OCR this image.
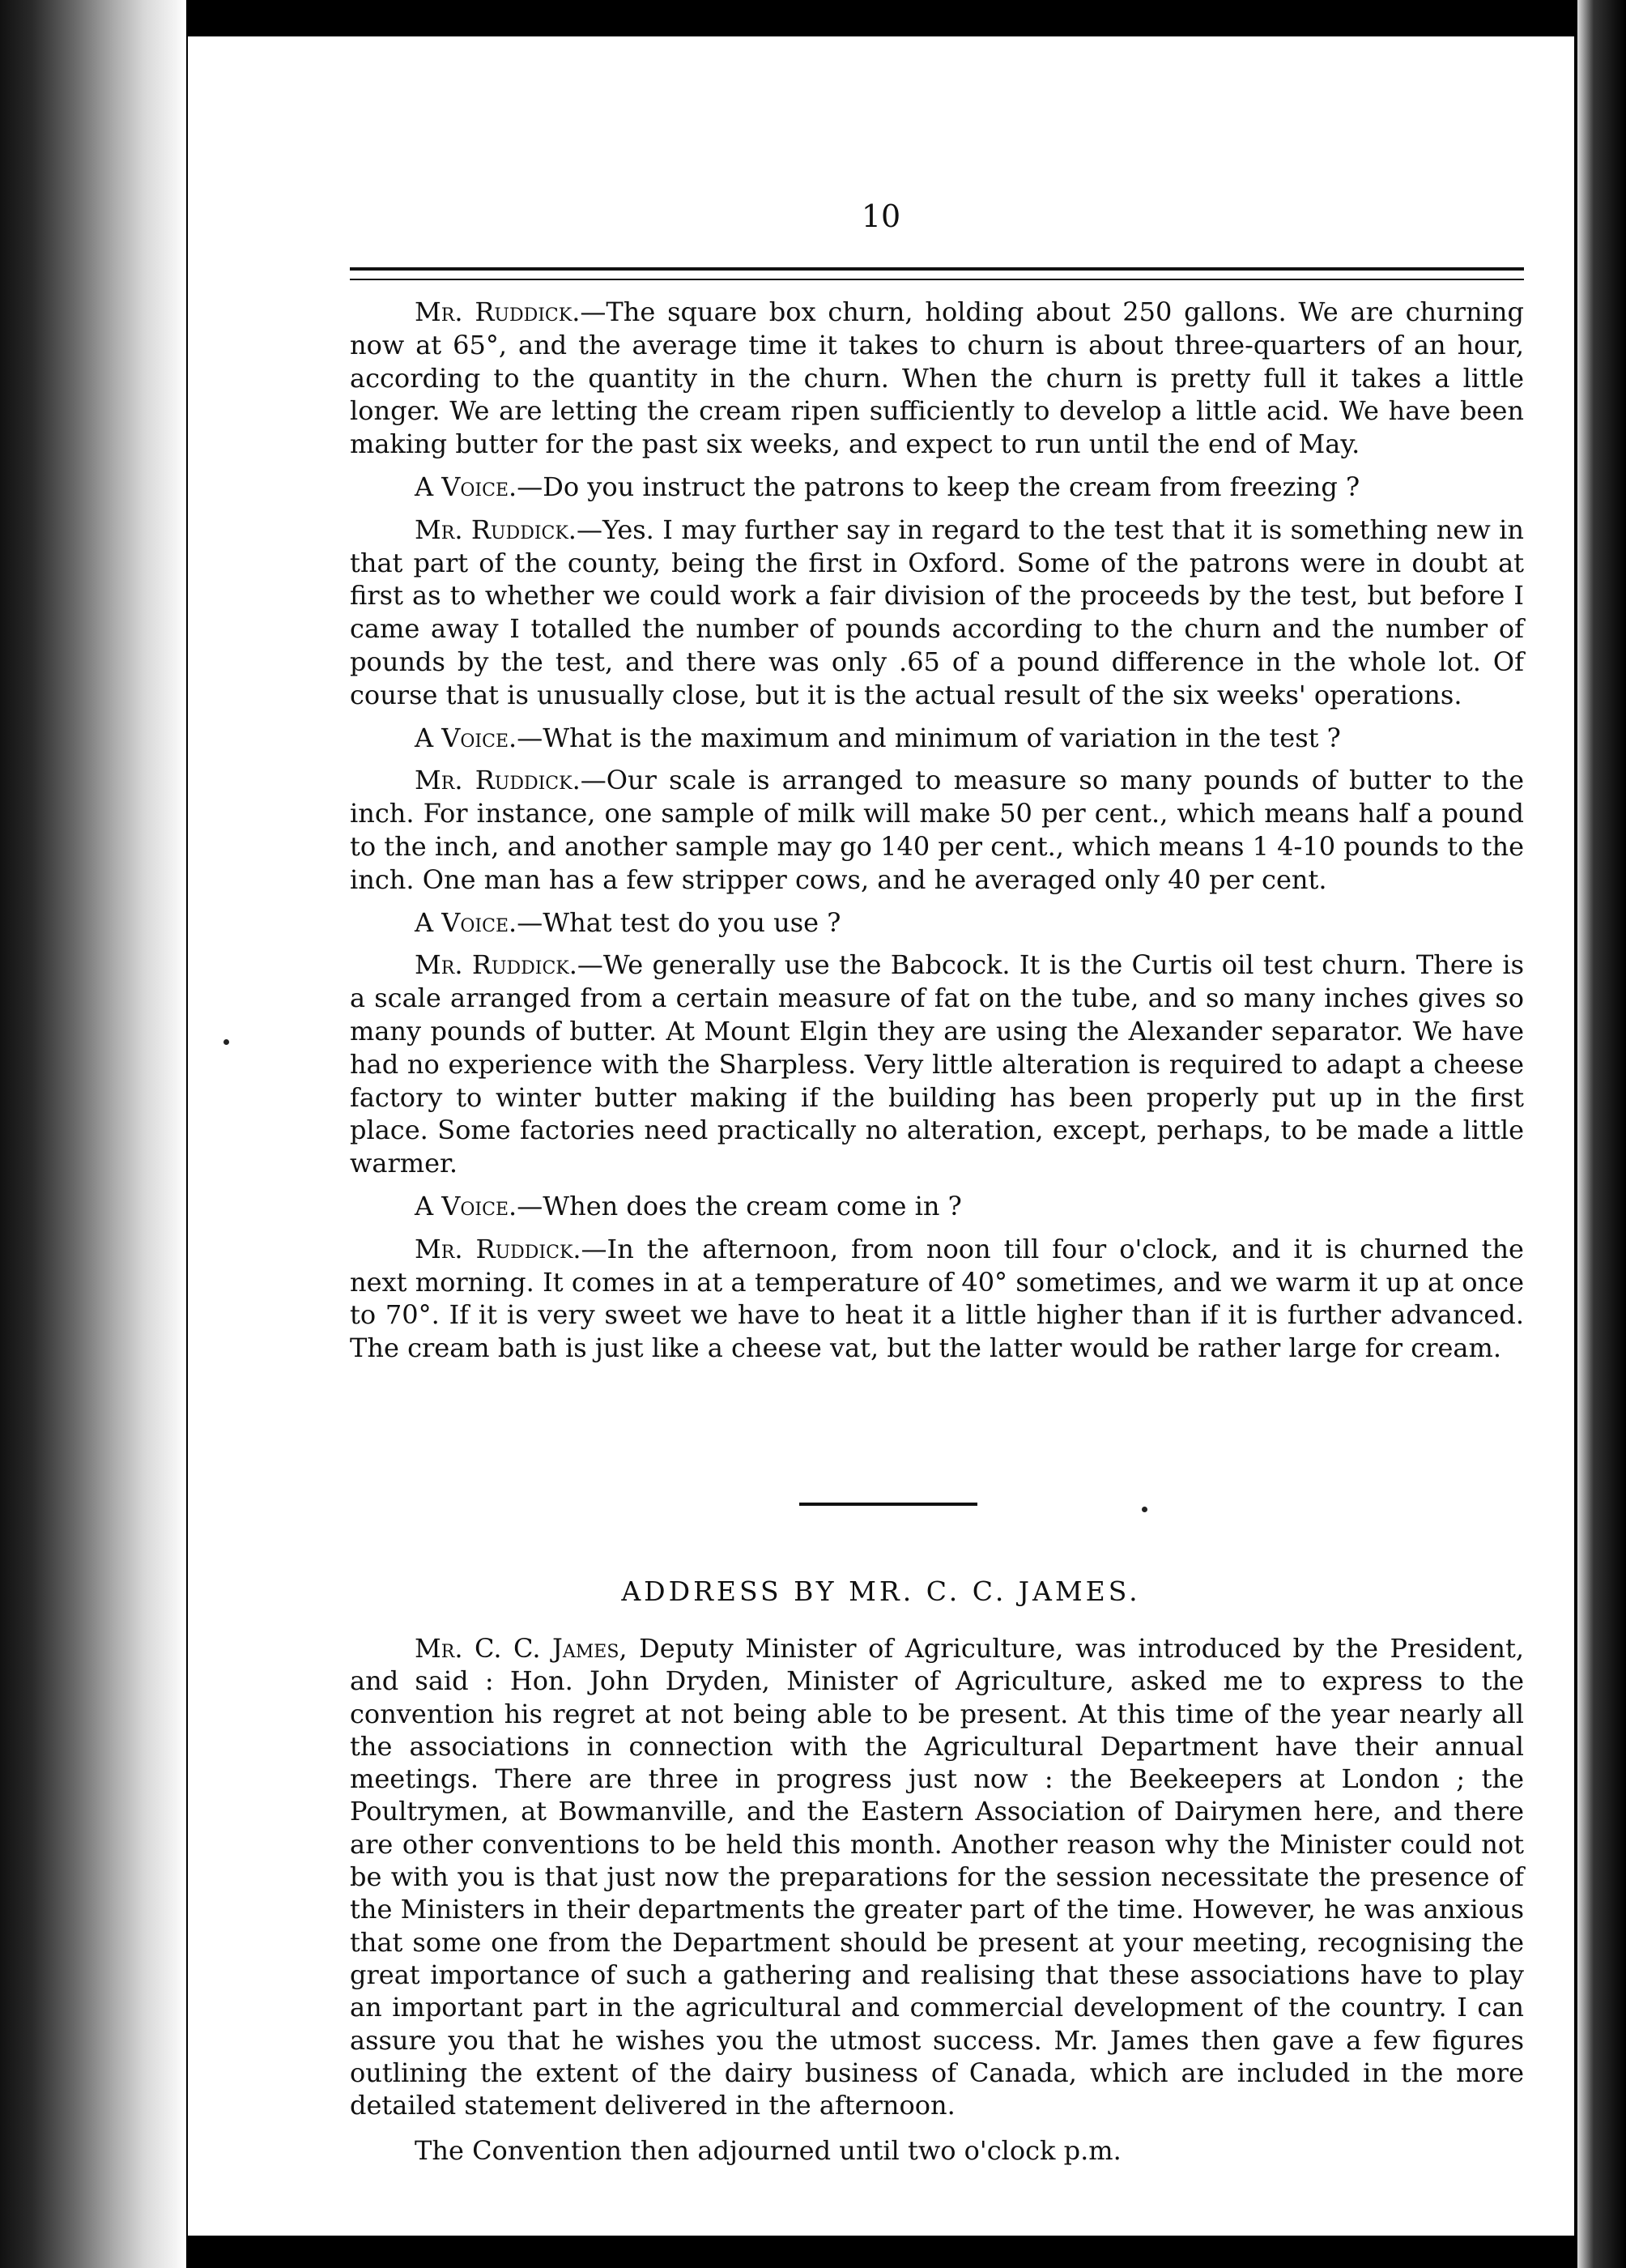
10

Mr. Ruddick.—The square box churn, holding about 250 gallons. We are churning now at 65°, and the average time it takes to churn is about three-quarters of an hour, according to the quantity in the churn. When the churn is pretty full it takes a little longer. We are letting the cream ripen sufficiently to develop a little acid. We have been making butter for the past six weeks, and expect to run until the end of May.

A Voice.—Do you instruct the patrons to keep the cream from freezing ?

Mr. Ruddick.—Yes. I may further say in regard to the test that it is something new in that part of the county, being the first in Oxford. Some of the patrons were in doubt at first as to whether we could work a fair division of the proceeds by the test, but before I came away I totalled the number of pounds according to the churn and the number of pounds by the test, and there was only .65 of a pound difference in the whole lot. Of course that is unusually close, but it is the actual result of the six weeks' operations.

A Voice.—What is the maximum and minimum of variation in the test ?

Mr. Ruddick.—Our scale is arranged to measure so many pounds of butter to the inch. For instance, one sample of milk will make 50 per cent., which means half a pound to the inch, and another sample may go 140 per cent., which means 1 4-10 pounds to the inch. One man has a few stripper cows, and he averaged only 40 per cent.

A Voice.—What test do you use ?

Mr. Ruddick.—We generally use the Babcock. It is the Curtis oil test churn. There is a scale arranged from a certain measure of fat on the tube, and so many inches gives so many pounds of butter. At Mount Elgin they are using the Alexander separator. We have had no experience with the Sharpless. Very little alteration is required to adapt a cheese factory to winter butter making if the building has been properly put up in the first place. Some factories need practically no alteration, except, perhaps, to be made a little warmer.

A Voice.—When does the cream come in ?

Mr. Ruddick.—In the afternoon, from noon till four o'clock, and it is churned the next morning. It comes in at a temperature of 40° sometimes, and we warm it up at once to 70°. If it is very sweet we have to heat it a little higher than if it is further advanced. The cream bath is just like a cheese vat, but the latter would be rather large for cream.

ADDRESS BY MR. C. C. JAMES.

Mr. C. C. James, Deputy Minister of Agriculture, was introduced by the President, and said : Hon. John Dryden, Minister of Agriculture, asked me to express to the convention his regret at not being able to be present. At this time of the year nearly all the associations in connection with the Agricultural Department have their annual meetings. There are three in progress just now : the Beekeepers at London ; the Poultrymen, at Bowmanville, and the Eastern Association of Dairymen here, and there are other conventions to be held this month. Another reason why the Minister could not be with you is that just now the preparations for the session necessitate the presence of the Ministers in their departments the greater part of the time. However, he was anxious that some one from the Department should be present at your meeting, recognising the great importance of such a gathering and realising that these associations have to play an important part in the agricultural and commercial development of the country. I can assure you that he wishes you the utmost success. Mr. James then gave a few figures outlining the extent of the dairy business of Canada, which are included in the more detailed statement delivered in the afternoon.

The Convention then adjourned until two o'clock p.m.
